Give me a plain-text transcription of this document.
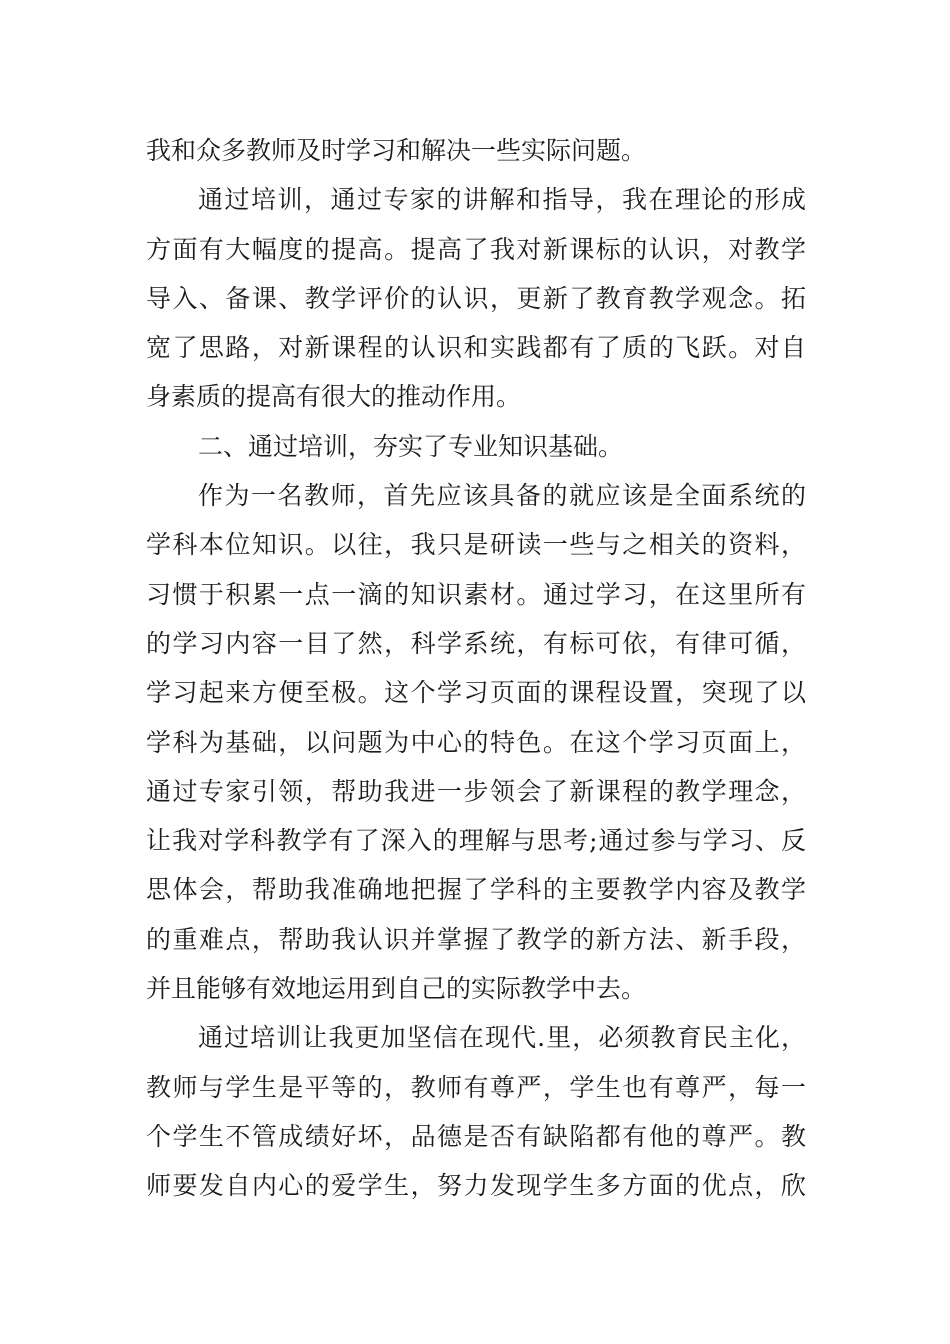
我和众多教师及时学习和解决一些实际问题。
通过培训，通过专家的讲解和指导，我在理论的形成
方面有大幅度的提高。提高了我对新课标的认识，对教学
导入、备课、教学评价的认识，更新了教育教学观念。拓
宽了思路，对新课程的认识和实践都有了质的飞跃。对自
身素质的提高有很大的推动作用。
二、通过培训，夯实了专业知识基础。
作为一名教师，首先应该具备的就应该是全面系统的
学科本位知识。以往，我只是研读一些与之相关的资料，
习惯于积累一点一滴的知识素材。通过学习，在这里所有
的学习内容一目了然，科学系统，有标可依，有律可循，
学习起来方便至极。这个学习页面的课程设置，突现了以
学科为基础，以问题为中心的特色。在这个学习页面上，
通过专家引领，帮助我进一步领会了新课程的教学理念，
让我对学科教学有了深入的理解与思考;通过参与学习、反
思体会，帮助我准确地把握了学科的主要教学内容及教学
的重难点，帮助我认识并掌握了教学的新方法、新手段，
并且能够有效地运用到自己的实际教学中去。
通过培训让我更加坚信在现代.里，必须教育民主化，
教师与学生是平等的，教师有尊严，学生也有尊严，每一
个学生不管成绩好坏，品德是否有缺陷都有他的尊严。教
师要发自内心的爱学生，努力发现学生多方面的优点，欣
